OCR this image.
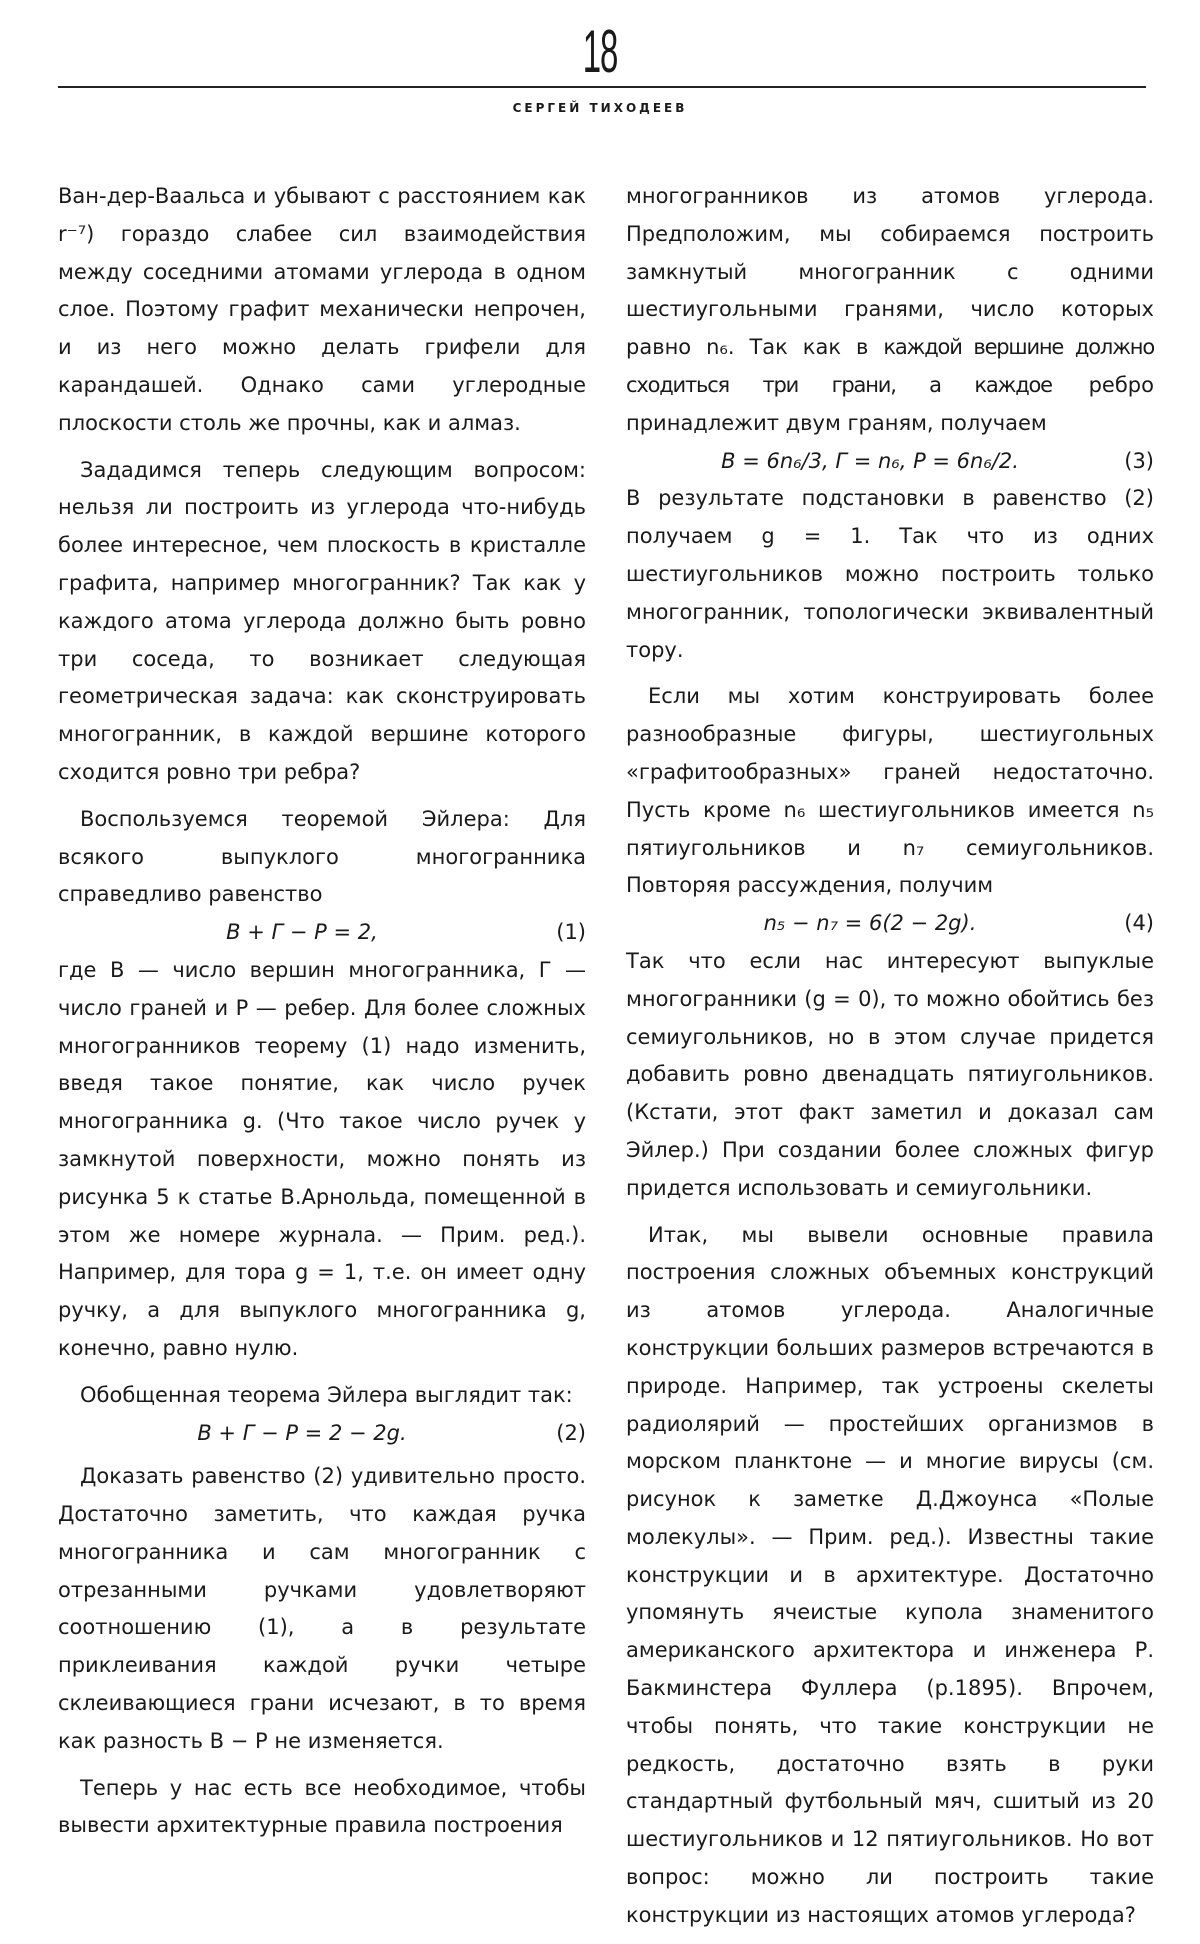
18
СЕРГЕЙ ТИХОДЕЕВ

Ван-дер-Ваальса и убывают с расстоянием как r⁻⁷) гораздо слабее сил взаимодействия между соседними атомами углерода в одном слое. Поэтому графит механически непрочен, и из него можно делать грифели для карандашей. Однако сами углеродные плоскости столь же прочны, как и алмаз.

Зададимся теперь следующим вопросом: нельзя ли построить из углерода что-нибудь более интересное, чем плоскость в кристалле графита, например многогранник? Так как у каждого атома углерода должно быть ровно три соседа, то возникает следующая геометрическая задача: как сконструировать многогранник, в каждой вершине которого сходится ровно три ребра?

Воспользуемся теоремой Эйлера: Для всякого выпуклого многогранника справедливо равенство

В + Г − Р = 2,	(1)

где В — число вершин многогранника, Г — число граней и Р — ребер. Для более сложных многогранников теорему (1) надо изменить, введя такое понятие, как число ручек многогранника g. (Что такое число ручек у замкнутой поверхности, можно понять из рисунка 5 к статье В.Арнольда, помещенной в этом же номере журнала. — Прим. ред.). Например, для тора g = 1, т.е. он имеет одну ручку, а для выпуклого многогранника g, конечно, равно нулю.

Обобщенная теорема Эйлера выглядит так:

В + Г − Р = 2 − 2g.	(2)

Доказать равенство (2) удивительно просто. Достаточно заметить, что каждая ручка многогранника и сам многогранник с отрезанными ручками удовлетворяют соотношению (1), а в результате приклеивания каждой ручки четыре склеивающиеся грани исчезают, в то время как разность В − Р не изменяется.

Теперь у нас есть все необходимое, чтобы вывести архитектурные правила построения

многогранников из атомов углерода. Предположим, мы собираемся построить замкнутый многогранник с одними шестиугольными гранями, число которых равно n₆. Так как в каждой вершине должно сходиться три грани, а каждое ребро принадлежит двум граням, получаем

В = 6n₆/3, Г = n₆, Р = 6n₆/2.	(3)

В результате подстановки в равенство (2) получаем g = 1. Так что из одних шестиугольников можно построить только многогранник, топологически эквивалентный тору.

Если мы хотим конструировать более разнообразные фигуры, шестиугольных «графитообразных» граней недостаточно. Пусть кроме n₆ шестиугольников имеется n₅ пятиугольников и n₇ семиугольников. Повторяя рассуждения, получим

n₅ − n₇ = 6(2 − 2g).	(4)

Так что если нас интересуют выпуклые многогранники (g = 0), то можно обойтись без семиугольников, но в этом случае придется добавить ровно двенадцать пятиугольников. (Кстати, этот факт заметил и доказал сам Эйлер.) При создании более сложных фигур придется использовать и семиугольники.

Итак, мы вывели основные правила построения сложных объемных конструкций из атомов углерода. Аналогичные конструкции больших размеров встречаются в природе. Например, так устроены скелеты радиолярий — простейших организмов в морском планктоне — и многие вирусы (см. рисунок к заметке Д.Джоунса «Полые молекулы». — Прим. ред.). Известны такие конструкции и в архитектуре. Достаточно упомянуть ячеистые купола знаменитого американского архитектора и инженера Р. Бакминстера Фуллера (р.1895). Впрочем, чтобы понять, что такие конструкции не редкость, достаточно взять в руки стандартный футбольный мяч, сшитый из 20 шестиугольников и 12 пятиугольников. Но вот вопрос: можно ли построить такие конструкции из настоящих атомов углерода?
